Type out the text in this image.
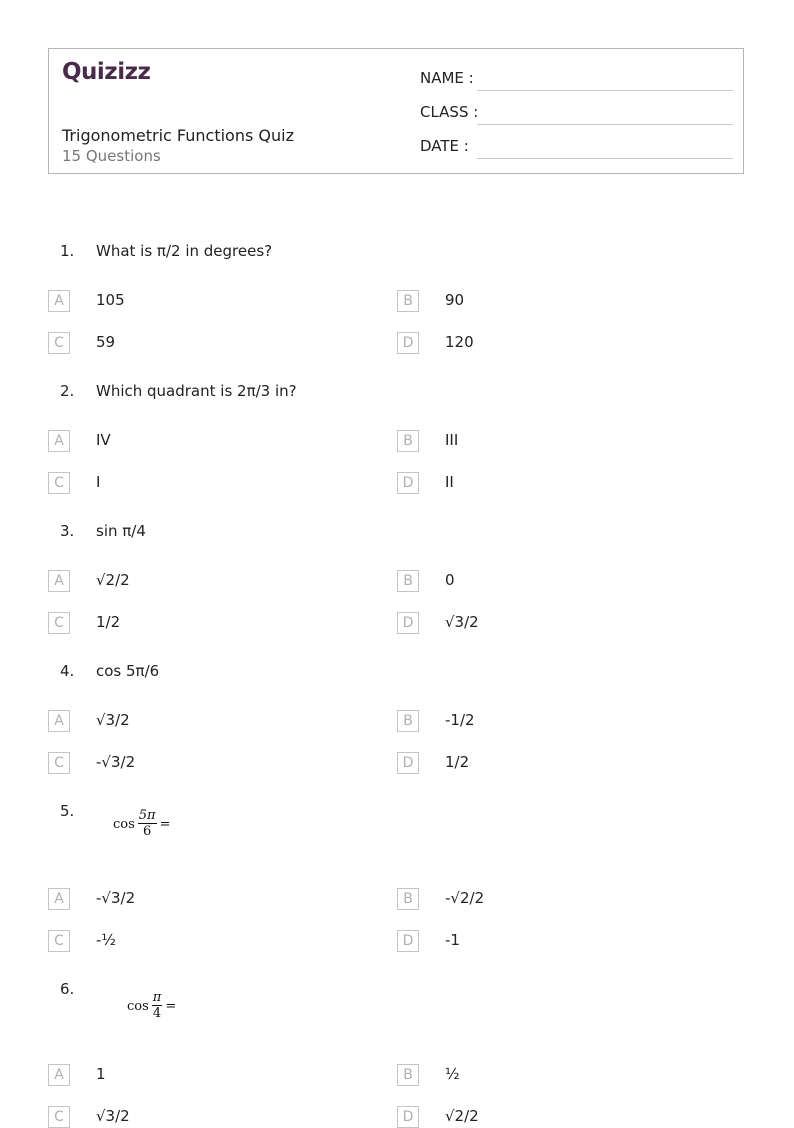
Quizizz
Trigonometric Functions Quiz
15 Questions
NAME :
CLASS :
DATE :
1. What is π/2 in degrees?
A	105	B	90
C	59	D	120
2. Which quadrant is 2π/3 in?
A	IV	B	III
C	I	D	II
3. sin π/4
A	√2/2	B	0
C	1/2	D	√3/2
4. cos 5π/6
A	√3/2	B	-1/2
C	-√3/2	D	1/2
5.
$\cos \frac{5\pi}{6}$ =
A	-√3/2	B	-√2/2
C	-½	D	-1
6.
$\cos \frac{\pi}{4}$ =
A	1	B	½
C	√3/2	D	√2/2
